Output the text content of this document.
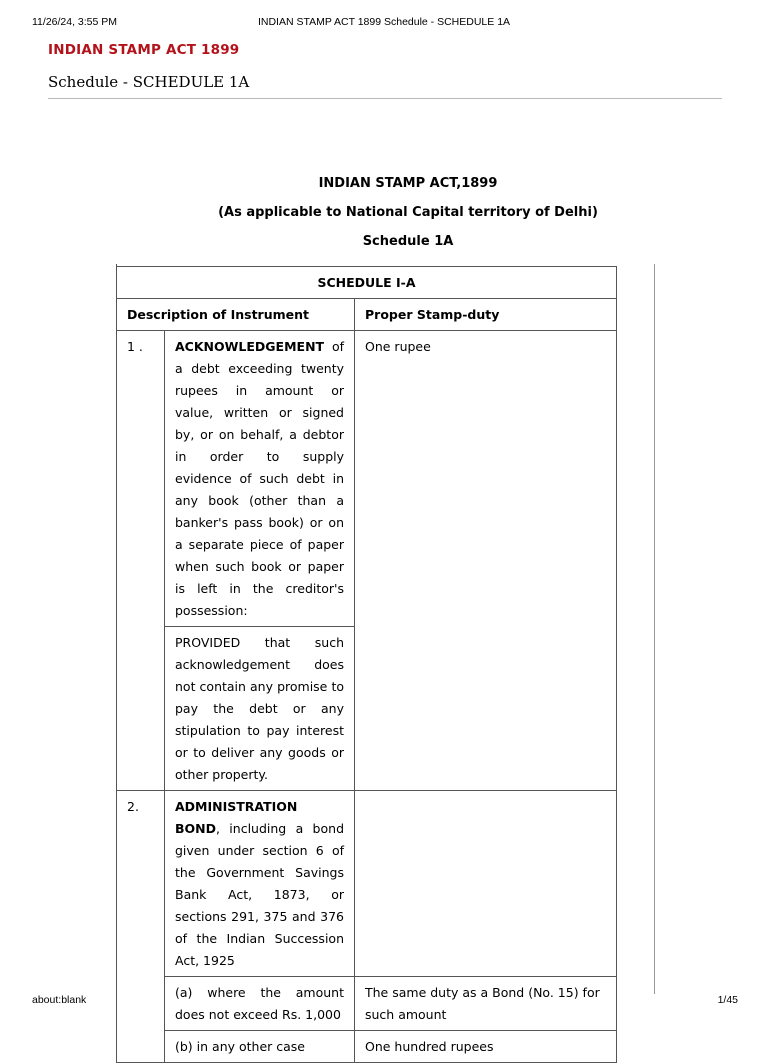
11/26/24, 3:55 PM	INDIAN STAMP ACT 1899 Schedule - SCHEDULE 1A
INDIAN STAMP ACT 1899
Schedule - SCHEDULE 1A
INDIAN STAMP ACT,1899
(As applicable to National Capital territory of Delhi)
Schedule 1A
SCHEDULE I-A		
Description of Instrument		Proper Stamp-duty
1 .	ACKNOWLEDGEMENT of a debt exceeding twenty rupees in amount or value, written or signed by, or on behalf, a debtor in order to supply evidence of such debt in any book (other than a banker's pass book) or on a separate piece of paper when such book or paper is left in the creditor's possession:	One rupee
	PROVIDED that such acknowledgement does not contain any promise to pay the debt or any stipulation to pay interest or to deliver any goods or other property.	
2.	ADMINISTRATION BOND, including a bond given under section 6 of the Government Savings Bank Act, 1873, or sections 291, 375 and 376 of the Indian Succession Act, 1925	
	(a) where the amount does not exceed Rs. 1,000	The same duty as a Bond (No. 15) for such amount
	(b) in any other case	One hundred rupees
about:blank	1/45
